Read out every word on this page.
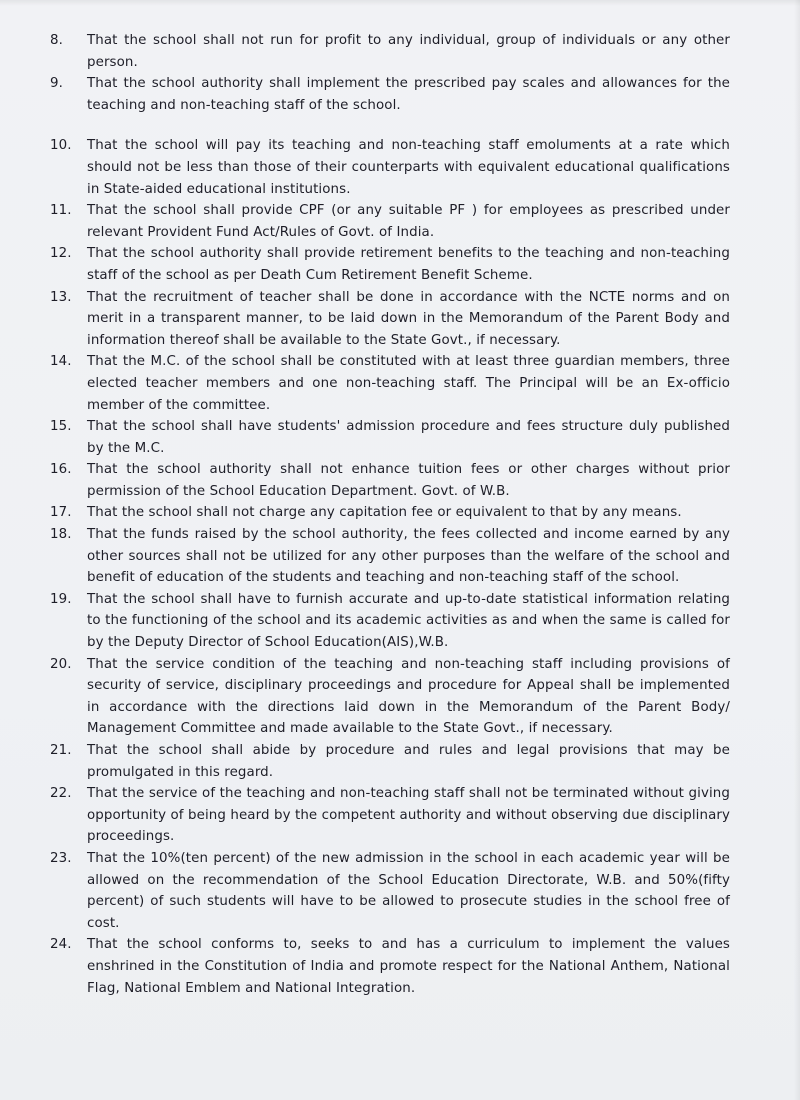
8.	That the school shall not run for profit to any individual, group of individuals or any other person.
9.	That the school authority shall implement the prescribed pay scales and allowances for the teaching and non-teaching staff of the school.
10.	That the school will pay its teaching and non-teaching staff emoluments at a rate which should not be less than those of their counterparts with equivalent educational qualifications in State-aided educational institutions.
11.	That the school shall provide CPF (or any suitable PF ) for employees as prescribed under relevant Provident Fund Act/Rules of Govt. of India.
12.	That the school authority shall provide retirement benefits to the teaching and non-teaching staff of the school as per Death Cum Retirement Benefit Scheme.
13.	That the recruitment of teacher shall be done in accordance with the NCTE norms and on merit in a transparent manner, to be laid down in the Memorandum of the Parent Body and information thereof shall be available to the State Govt., if necessary.
14.	That the M.C. of the school shall be constituted with at least three guardian members, three elected teacher members and one non-teaching staff. The Principal will be an Ex-officio member of the committee.
15.	That the school shall have students' admission procedure and fees structure duly published by the M.C.
16.	That the school authority shall not enhance tuition fees or other charges without prior permission of the School Education Department. Govt. of W.B.
17.	That the school shall not charge any capitation fee or equivalent to that by any means.
18.	That the funds raised by the school authority, the fees collected and income earned by any other sources shall not be utilized for any other purposes than the welfare of the school and benefit of education of the students and teaching and non-teaching staff of the school.
19.	That the school shall have to furnish accurate and up-to-date statistical information relating to the functioning of the school and its academic activities as and when the same is called for by the Deputy Director of School Education(AIS),W.B.
20.	That the service condition of the teaching and non-teaching staff including provisions of security of service, disciplinary proceedings and procedure for Appeal shall be implemented in accordance with the directions laid down in the Memorandum of the Parent Body/ Management Committee and made available to the State Govt., if necessary.
21.	That the school shall abide by procedure and rules and legal provisions that may be promulgated in this regard.
22.	That the service of the teaching and non-teaching staff shall not be terminated without giving opportunity of being heard by the competent authority and without observing due disciplinary proceedings.
23.	That the 10%(ten percent) of the new admission in the school in each academic year will be allowed on the recommendation of the School Education Directorate, W.B. and 50%(fifty percent) of such students will have to be allowed to prosecute studies in the school free of cost.
24.	That the school conforms to, seeks to and has a curriculum to implement the values enshrined in the Constitution of India and promote respect for the National Anthem, National Flag, National Emblem and National Integration.
